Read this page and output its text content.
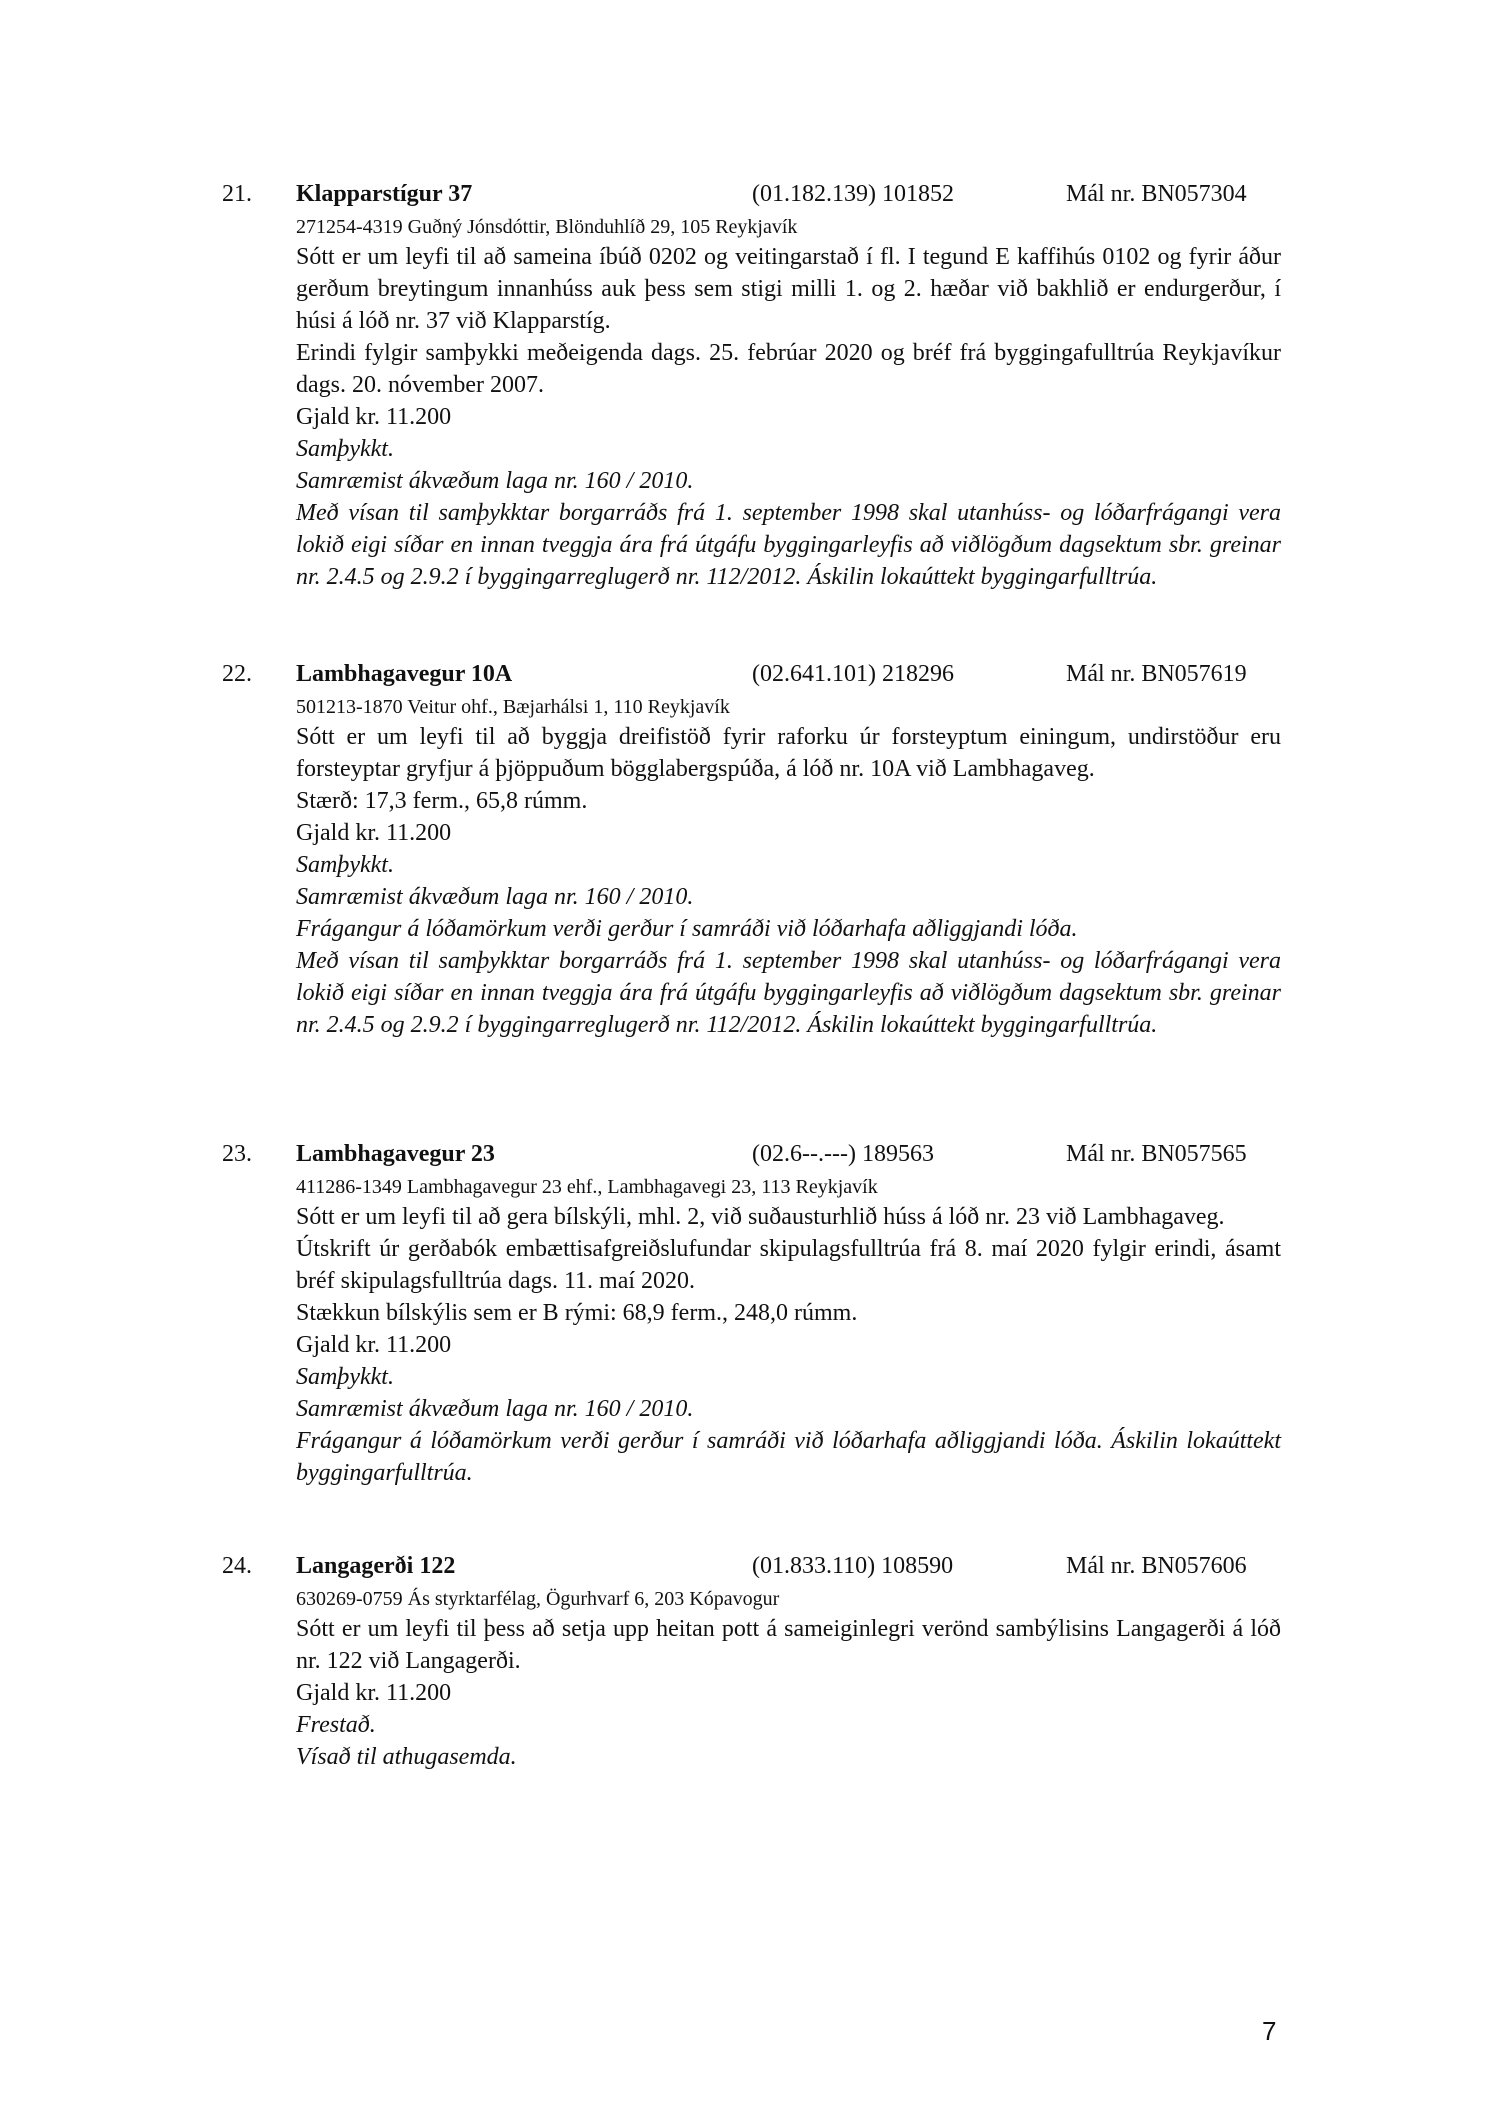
21. Klapparstígur 37	(01.182.139) 101852	Mál nr. BN057304
271254-4319 Guðný Jónsdóttir, Blönduhlíð 29, 105 Reykjavík

Sótt er um leyfi til að sameina íbúð 0202 og veitingarstað í fl. I tegund E kaffihús 0102 og fyrir áður gerðum breytingum innanhúss auk þess sem stigi milli 1. og 2. hæðar við bakhlið er endurgerður, í húsi á lóð nr. 37 við Klapparstíg.

Erindi fylgir samþykki meðeigenda dags. 25. febrúar 2020 og bréf frá byggingafulltrúa Reykjavíkur dags. 20. nóvember 2007.

Gjald kr. 11.200

Samþykkt.

Samræmist ákvæðum laga nr. 160 / 2010.

Með vísan til samþykktar borgarráðs frá 1. september 1998 skal utanhúss- og lóðarfrágangi vera lokið eigi síðar en innan tveggja ára frá útgáfu byggingarleyfis að viðlögðum dagsektum sbr. greinar nr. 2.4.5 og 2.9.2 í byggingarreglugerð nr. 112/2012. Áskilin lokaúttekt byggingarfulltrúa.

22. Lambhagavegur 10A	(02.641.101) 218296	Mál nr. BN057619
501213-1870 Veitur ohf., Bæjarhálsi 1, 110 Reykjavík

Sótt er um leyfi til að byggja dreifistöð fyrir raforku úr forsteyptum einingum, undirstöður eru forsteyptar gryfjur á þjöppuðum bögglabergspúða, á lóð nr. 10A við Lambhagaveg.

Stærð: 17,3 ferm., 65,8 rúmm.

Gjald kr. 11.200

Samþykkt.

Samræmist ákvæðum laga nr. 160 / 2010.

Frágangur á lóðamörkum verði gerður í samráði við lóðarhafa aðliggjandi lóða.

Með vísan til samþykktar borgarráðs frá 1. september 1998 skal utanhúss- og lóðarfrágangi vera lokið eigi síðar en innan tveggja ára frá útgáfu byggingarleyfis að viðlögðum dagsektum sbr. greinar nr. 2.4.5 og 2.9.2 í byggingarreglugerð nr. 112/2012. Áskilin lokaúttekt byggingarfulltrúa.

23. Lambhagavegur 23	(02.6--.---) 189563	Mál nr. BN057565
411286-1349 Lambhagavegur 23 ehf., Lambhagavegi 23, 113 Reykjavík

Sótt er um leyfi til að gera bílskýli, mhl. 2, við suðausturhlið húss á lóð nr. 23 við Lambhagaveg.

Útskrift úr gerðabók embættisafgreiðslufundar skipulagsfulltrúa frá 8. maí 2020 fylgir erindi, ásamt bréf skipulagsfulltrúa dags. 11. maí 2020.

Stækkun bílskýlis sem er B rými: 68,9 ferm., 248,0 rúmm.

Gjald kr. 11.200

Samþykkt.

Samræmist ákvæðum laga nr. 160 / 2010.

Frágangur á lóðamörkum verði gerður í samráði við lóðarhafa aðliggjandi lóða. Áskilin lokaúttekt byggingarfulltrúa.

24. Langagerði 122	(01.833.110) 108590	Mál nr. BN057606
630269-0759 Ás styrktarfélag, Ögurhvarf 6, 203 Kópavogur

Sótt er um leyfi til þess að setja upp heitan pott á sameiginlegri verönd sambýlisins Langagerði á lóð nr. 122 við Langagerði.

Gjald kr. 11.200

Frestað.

Vísað til athugasemda.

7
